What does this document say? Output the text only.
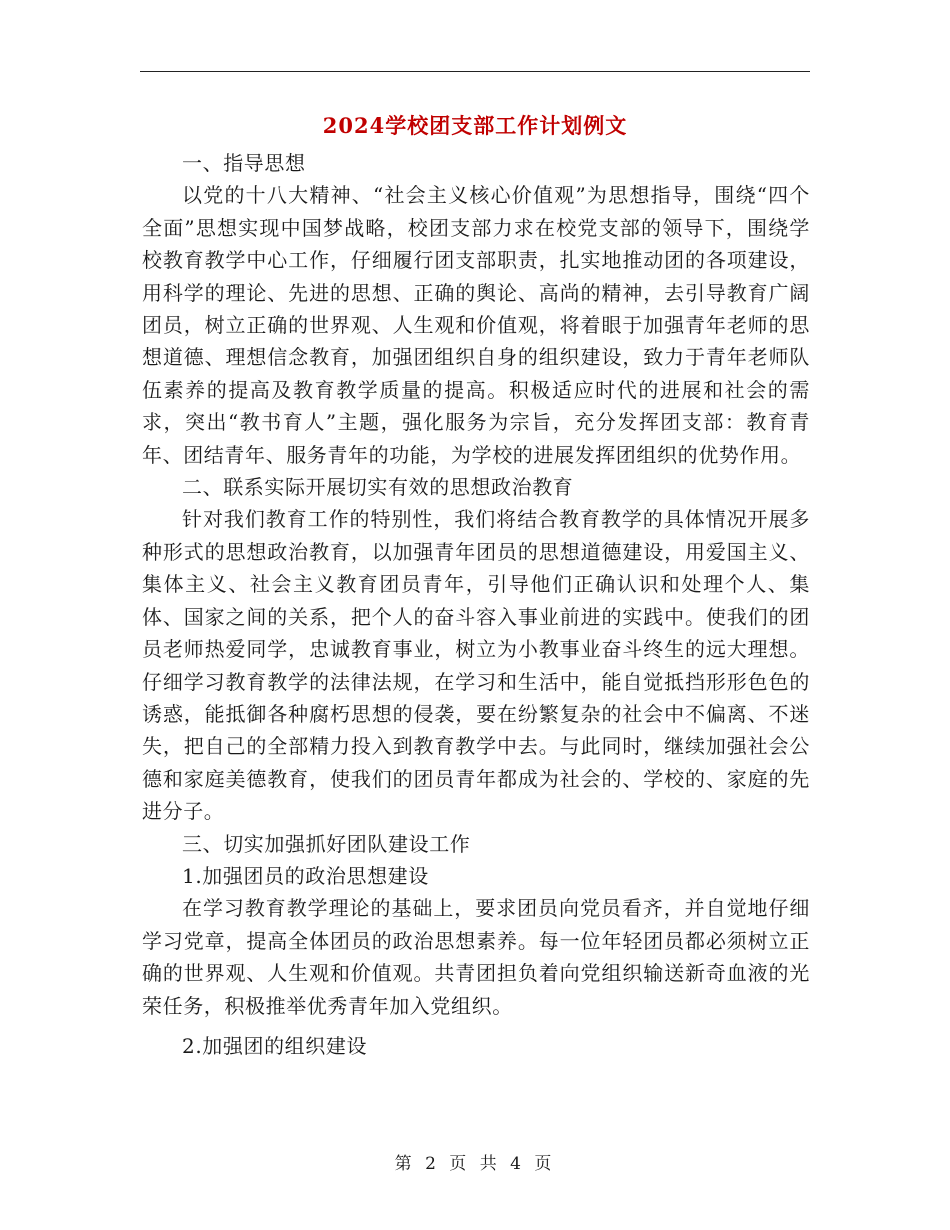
2024学校团支部工作计划例文

一、指导思想

以党的十八大精神、“社会主义核心价值观”为思想指导，围绕“四个全面”思想实现中国梦战略，校团支部力求在校党支部的领导下，围绕学校教育教学中心工作，仔细履行团支部职责，扎实地推动团的各项建设，用科学的理论、先进的思想、正确的舆论、高尚的精神，去引导教育广阔团员，树立正确的世界观、人生观和价值观，将着眼于加强青年老师的思想道德、理想信念教育，加强团组织自身的组织建设，致力于青年老师队伍素养的提高及教育教学质量的提高。积极适应时代的进展和社会的需求，突出“教书育人”主题，强化服务为宗旨，充分发挥团支部：教育青年、团结青年、服务青年的功能，为学校的进展发挥团组织的优势作用。

二、联系实际开展切实有效的思想政治教育

针对我们教育工作的特别性，我们将结合教育教学的具体情况开展多种形式的思想政治教育，以加强青年团员的思想道德建设，用爱国主义、集体主义、社会主义教育团员青年，引导他们正确认识和处理个人、集体、国家之间的关系，把个人的奋斗容入事业前进的实践中。使我们的团员老师热爱同学，忠诚教育事业，树立为小教事业奋斗终生的远大理想。仔细学习教育教学的法律法规，在学习和生活中，能自觉抵挡形形色色的诱惑，能抵御各种腐朽思想的侵袭，要在纷繁复杂的社会中不偏离、不迷失，把自己的全部精力投入到教育教学中去。与此同时，继续加强社会公德和家庭美德教育，使我们的团员青年都成为社会的、学校的、家庭的先进分子。

三、切实加强抓好团队建设工作

1.加强团员的政治思想建设

在学习教育教学理论的基础上，要求团员向党员看齐，并自觉地仔细学习党章，提高全体团员的政治思想素养。每一位年轻团员都必须树立正确的世界观、人生观和价值观。共青团担负着向党组织输送新奇血液的光荣任务，积极推举优秀青年加入党组织。

2.加强团的组织建设

第 2 页 共 4 页
